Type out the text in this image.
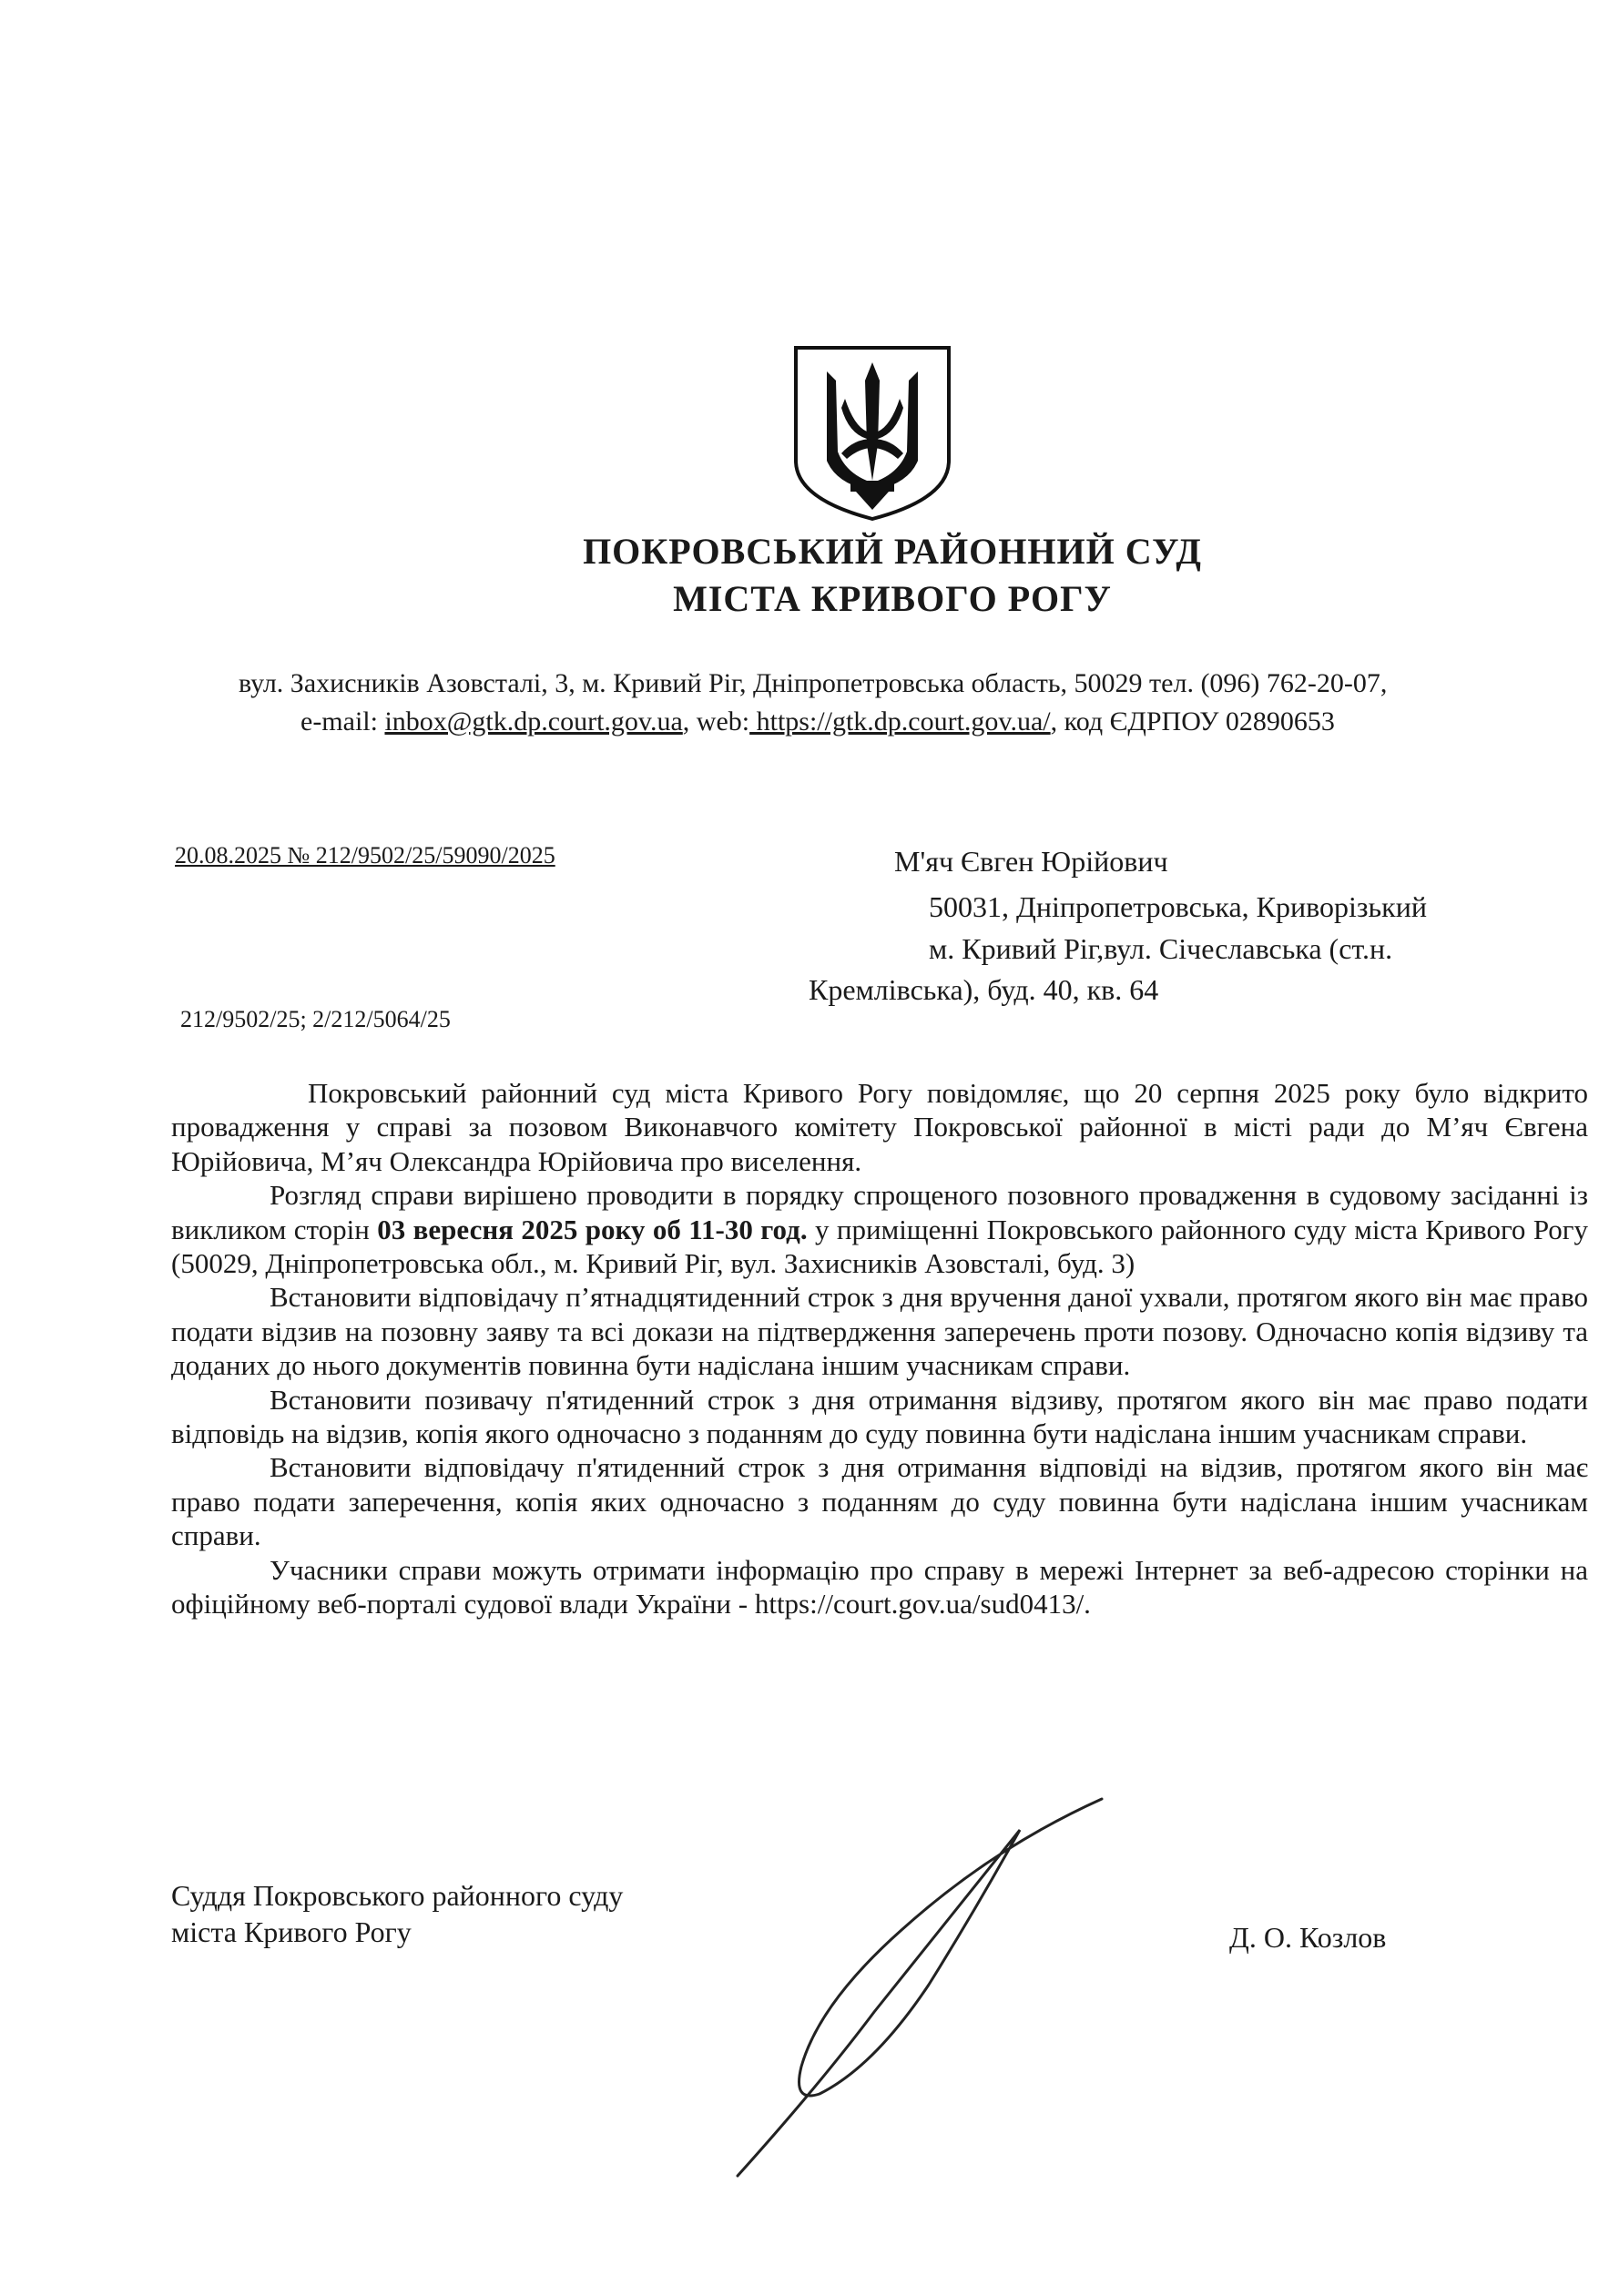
ПОКРОВСЬКИЙ РАЙОННИЙ СУД
МІСТА КРИВОГО РОГУ
вул. Захисників Азовсталі, 3, м. Кривий Ріг, Дніпропетровська область, 50029 тел. (096) 762-20-07,
e-mail: inbox@gtk.dp.court.gov.ua, web: https://gtk.dp.court.gov.ua/, код ЄДРПОУ 02890653
20.08.2025 № 212/9502/25/59090/2025
212/9502/25; 2/212/5064/25
М'яч Євген Юрійович
50031, Дніпропетровська, Криворізький
м. Кривий Ріг,вул. Січеславська (ст.н.
Кремлівська), буд. 40, кв. 64

Покровський районний суд міста Кривого Рогу повідомляє, що 20 серпня 2025 року було відкрито провадження у справі за позовом Виконавчого комітету Покровської районної в місті ради до М’яч Євгена Юрійовича, М’яч Олександра Юрійовича про виселення.

Розгляд справи вирішено проводити в порядку спрощеного позовного провадження в судовому засіданні із викликом сторін 03 вересня 2025 року об 11-30 год. у приміщенні Покровського районного суду міста Кривого Рогу (50029, Дніпропетровська обл., м. Кривий Ріг, вул. Захисників Азовсталі, буд. 3)

Встановити відповідачу п’ятнадцятиденний строк з дня вручення даної ухвали, протягом якого він має право подати відзив на позовну заяву та всі докази на підтвердження заперечень проти позову. Одночасно копія відзиву та доданих до нього документів повинна бути надіслана іншим учасникам справи.

Встановити позивачу п'ятиденний строк з дня отримання відзиву, протягом якого він має право подати відповідь на відзив, копія якого одночасно з поданням до суду повинна бути надіслана іншим учасникам справи.

Встановити відповідачу п'ятиденний строк з дня отримання відповіді на відзив, протягом якого він має право подати заперечення, копія яких одночасно з поданням до суду повинна бути надіслана іншим учасникам справи.

Учасники справи можуть отримати інформацію про справу в мережі Інтернет за веб-адресою сторінки на офіційному веб-порталі судової влади України - https://court.gov.ua/sud0413/.

Суддя Покровського районного суду
міста Кривого Рогу	Д. О. Козлов
